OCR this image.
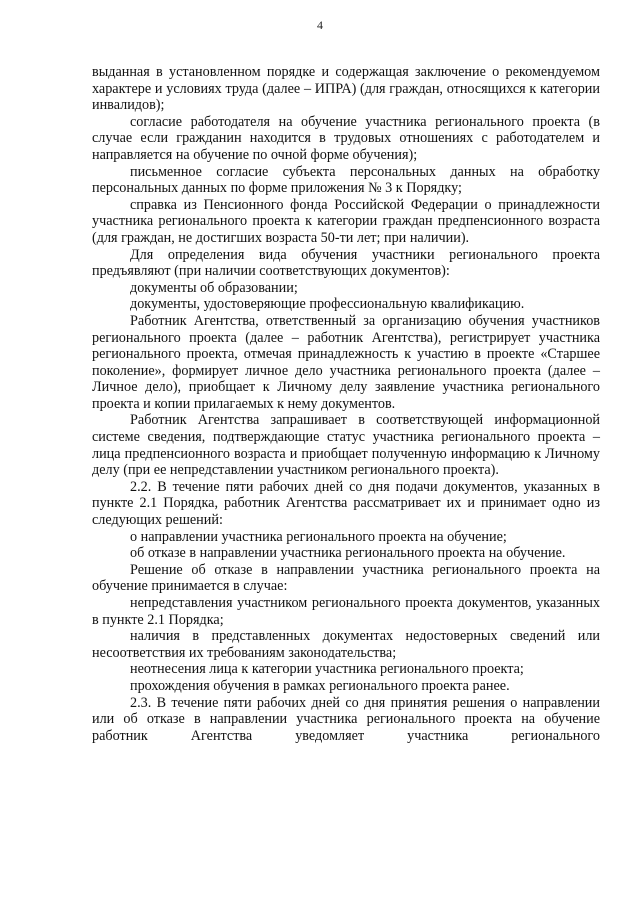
4

выданная в установленном порядке и содержащая заключение о рекомендуемом характере и условиях труда (далее – ИПРА) (для граждан, относящихся к категории инвалидов);

согласие работодателя на обучение участника регионального проекта (в случае если гражданин находится в трудовых отношениях с работодателем и направляется на обучение по очной форме обучения);

письменное согласие субъекта персональных данных на обработку персональных данных по форме приложения № 3 к Порядку;

справка из Пенсионного фонда Российской Федерации о принадлежности участника регионального проекта к категории граждан предпенсионного возраста (для граждан, не достигших возраста 50-ти лет; при наличии).

Для определения вида обучения участники регионального проекта предъявляют (при наличии соответствующих документов):

документы об образовании;

документы, удостоверяющие профессиональную квалификацию.

Работник Агентства, ответственный за организацию обучения участников регионального проекта (далее – работник Агентства), регистрирует участника регионального проекта, отмечая принадлежность к участию в проекте «Старшее поколение», формирует личное дело участника регионального проекта (далее – Личное дело), приобщает к Личному делу заявление участника регионального проекта и копии прилагаемых к нему документов.

Работник Агентства запрашивает в соответствующей информационной системе сведения, подтверждающие статус участника регионального проекта – лица предпенсионного возраста и приобщает полученную информацию к Личному делу (при ее непредставлении участником регионального проекта).

2.2. В течение пяти рабочих дней со дня подачи документов, указанных в пункте 2.1 Порядка, работник Агентства рассматривает их и принимает одно из следующих решений:

о направлении участника регионального проекта на обучение;

об отказе в направлении участника регионального проекта на обучение.

Решение об отказе в направлении участника регионального проекта на обучение принимается в случае:

непредставления участником регионального проекта документов, указанных в пункте 2.1 Порядка;

наличия в представленных документах недостоверных сведений или несоответствия их требованиям законодательства;

неотнесения лица к категории участника регионального проекта;

прохождения обучения в рамках регионального проекта ранее.

2.3. В течение пяти рабочих дней со дня принятия решения о направлении или об отказе в направлении участника регионального проекта на обучение работник Агентства уведомляет участника регионального
